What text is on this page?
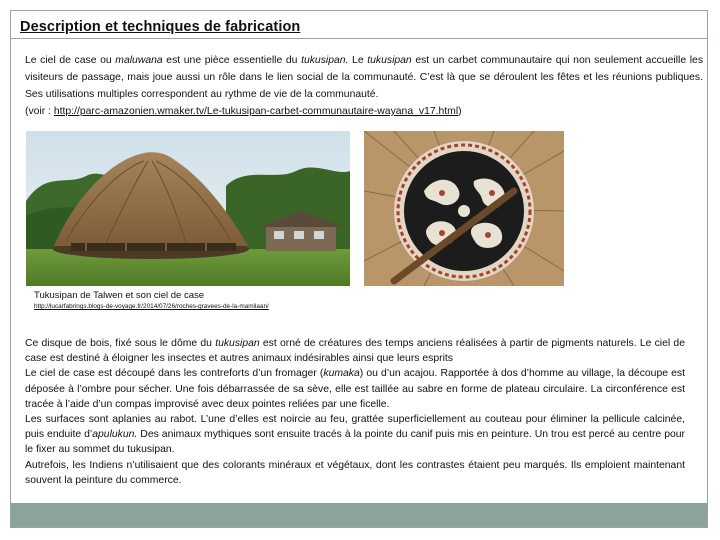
Description et techniques de fabrication

Le ciel de case ou maluwana est une pièce essentielle du tukusipan. Le tukusipan est un carbet communautaire qui non seulement accueille les visiteurs de passage, mais joue aussi un rôle dans le lien social de la communauté. C’est là que se déroulent les fêtes et les réunions publiques. Ses utilisations multiples correspondent au rythme de vie de la communauté.

(voir : http://parc-amazonien.wmaker.tv/Le-tukusipan-carbet-communautaire-wayana_v17.html)

Tukusipan de Talwen et son ciel de case
http://lucarfabrings.blogs-de-voyage.fr/2014/07/26/roches-gravees-de-la-mamilaan/

Ce disque de bois, fixé sous le dôme du tukusipan est orné de créatures des temps anciens réalisées à partir de pigments naturels. Le ciel de case est destiné à éloigner les insectes et autres animaux indésirables ainsi que leurs esprits

Le ciel de case est découpé dans les contreforts d’un fromager (kumaka) ou d’un acajou. Rapportée à dos d’homme au village, la découpe est déposée à l’ombre pour sécher. Une fois débarrassée de sa sève, elle est taillée au sabre en forme de plateau circulaire. La circonférence est tracée à l’aide d’un compas improvisé avec deux pointes reliées par une ficelle.

Les surfaces sont aplanies au rabot. L’une d’elles est noircie au feu, grattée superficiellement au couteau pour éliminer la pellicule calcinée, puis enduite d’apulukun. Des animaux mythiques sont ensuite tracés à la pointe du canif puis mis en peinture. Un trou est percé au centre pour le fixer au sommet du tukusipan.

Autrefois, les Indiens n’utilisaient que des colorants minéraux et végétaux, dont les contrastes étaient peu marqués. Ils emploient maintenant souvent la peinture du commerce.
